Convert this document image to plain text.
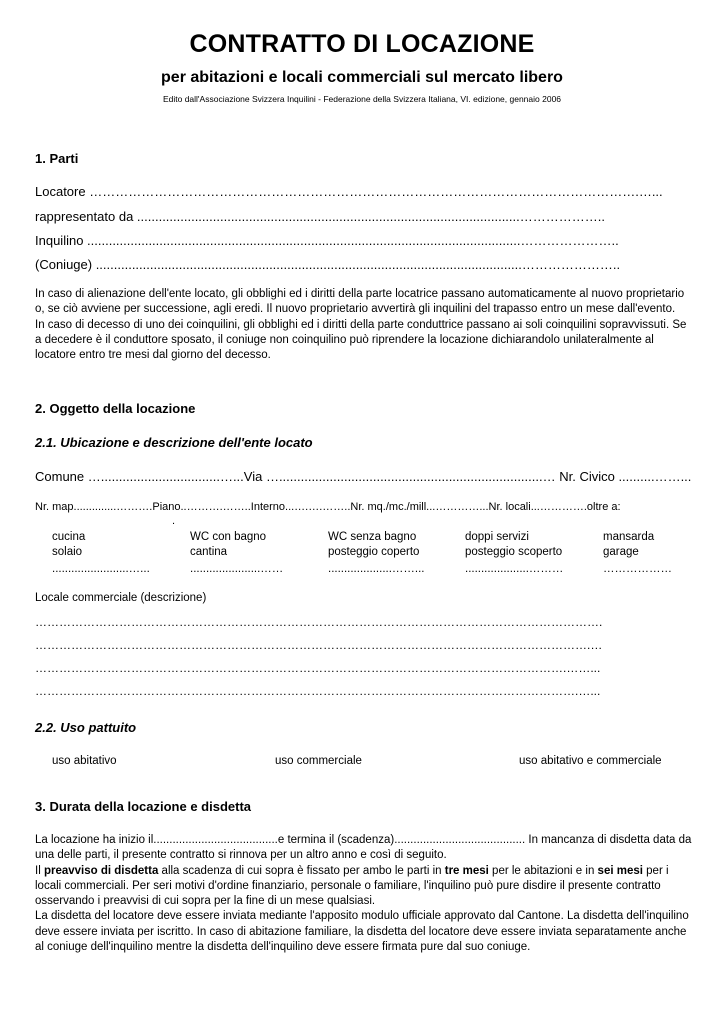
CONTRATTO DI LOCAZIONE
per abitazioni e locali commerciali sul mercato libero
Edito dall'Associazione Svizzera Inquilini - Federazione della Svizzera Italiana, VI. edizione, gennaio 2006
1. Parti
Locatore ……………………………………………………………………………………………………………….…...
rappresentato da ..........................................................................................................………………..
Inquilino ........................................................................................................................…………………..
(Coniuge) ......................................................................................................................…………………..

In caso di alienazione dell'ente locato, gli obblighi ed i diritti della parte locatrice passano automaticamente al nuovo proprietario o, se ciò avviene per successione, agli eredi. Il nuovo proprietario avvertirà gli inquilini del trapasso entro un mese dall'evento.

In caso di decesso di uno dei coinquilini, gli obblighi ed i diritti della parte conduttrice passano ai soli coinquilini sopravvissuti. Se a decedere è il conduttore sposato, il coniuge non coinquilino può riprendere la locazione dichiarandolo unilateralmente al locatore entro tre mesi dal giorno del decesso.

2. Oggetto della locazione
2.1. Ubicazione e descrizione dell'ente locato
Comune ….................................…...Via ….........................................................................… Nr. Civico ..........……...
Nr. map..............……….Piano..……….……..Interno...….….……..Nr. mq./mc./mill...…………...Nr. locali...………….oltre a:
.
cucina	WC con bagno	WC senza bagno	doppi servizi	mansarda
solaio	cantina	posteggio coperto	posteggio scoperto	garage
........................…...	......................……	....................……...	....................………	………………
Locale commerciale (descrizione)
…………………………………………………………………………………………………………………………….
………………………………………………………………………………………………………………………….…
…………………………………………………………………………………………………………………….……...
……………………………………………………………………………………………………………………….…...
2.2. Uso pattuito
uso abitativo	uso commerciale	uso abitativo e commerciale
3. Durata della locazione e disdetta

La locazione ha inizio il.......................................e termina il (scadenza)......................................... In mancanza di disdetta data da una delle parti, il presente contratto si rinnova per un altro anno e così di seguito.

Il preavviso di disdetta alla scadenza di cui sopra è fissato per ambo le parti in tre mesi per le abitazioni e in sei mesi per i locali commerciali. Per seri motivi d'ordine finanziario, personale o familiare, l'inquilino può pure disdire il presente contratto osservando i preavvisi di cui sopra per la fine di un mese qualsiasi.

La disdetta del locatore deve essere inviata mediante l'apposito modulo ufficiale approvato dal Cantone. La disdetta dell'inquilino deve essere inviata per iscritto. In caso di abitazione familiare, la disdetta del locatore deve essere inviata separatamente anche al coniuge dell'inquilino mentre la disdetta dell'inquilino deve essere firmata pure dal suo coniuge.
